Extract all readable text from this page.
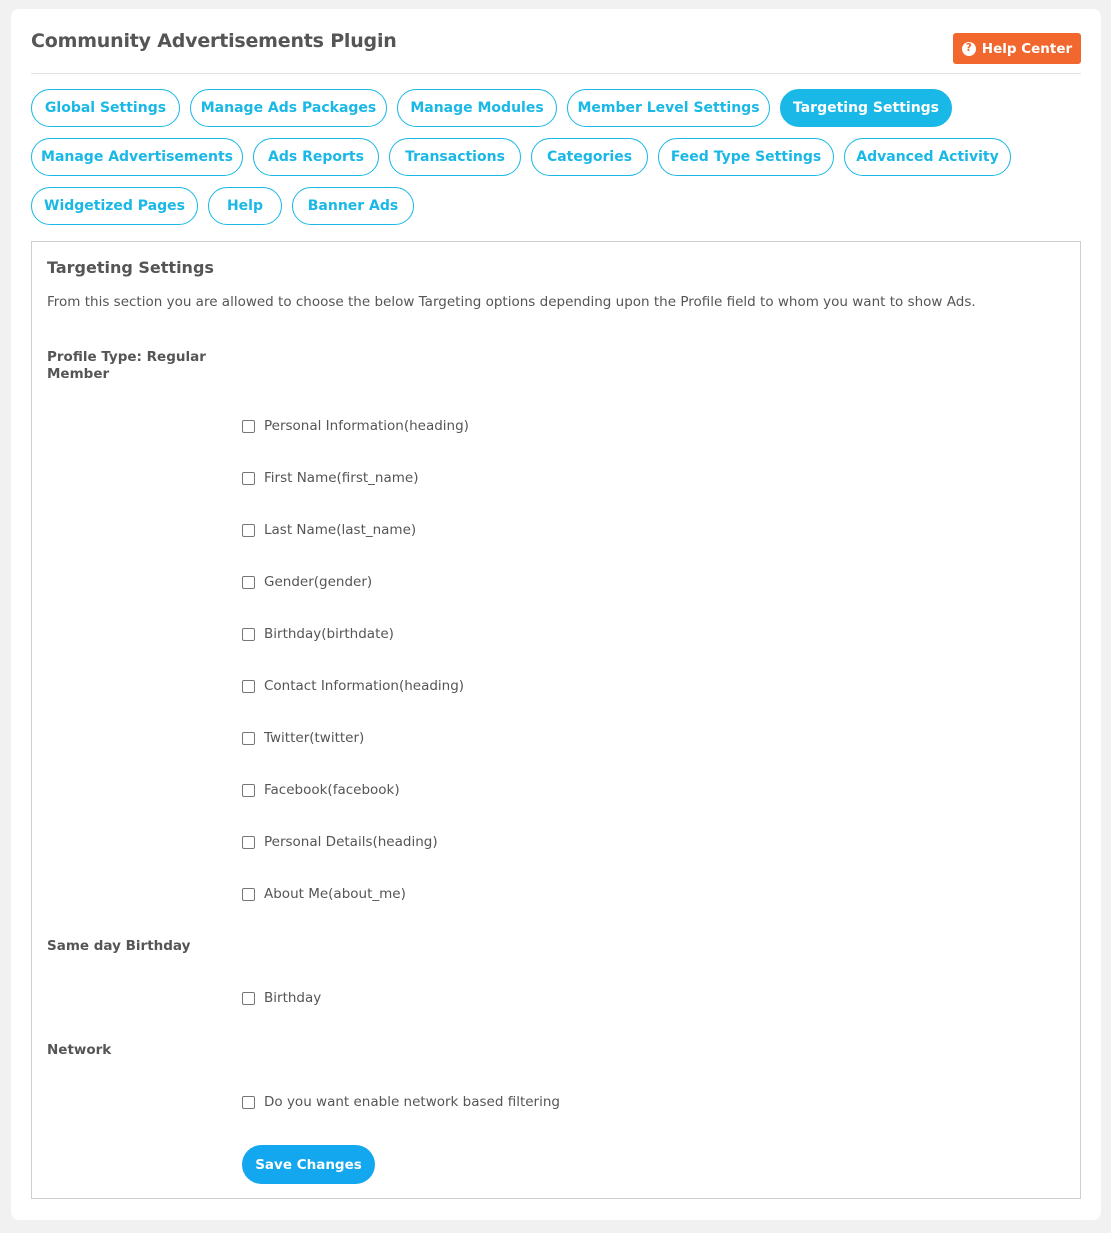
Community Advertisements Plugin	? Help Center
Global Settings	Manage Ads Packages	Manage Modules	Member Level Settings	Targeting Settings
Manage Advertisements	Ads Reports	Transactions	Categories	Feed Type Settings	Advanced Activity
Widgetized Pages	Help	Banner Ads
Targeting Settings
From this section you are allowed to choose the below Targeting options depending upon the Profile field to whom you want to show Ads.
Profile Type: Regular Member
Personal Information(heading)
First Name(first_name)
Last Name(last_name)
Gender(gender)
Birthday(birthdate)
Contact Information(heading)
Twitter(twitter)
Facebook(facebook)
Personal Details(heading)
About Me(about_me)
Same day Birthday
Birthday
Network
Do you want enable network based filtering
Save Changes
